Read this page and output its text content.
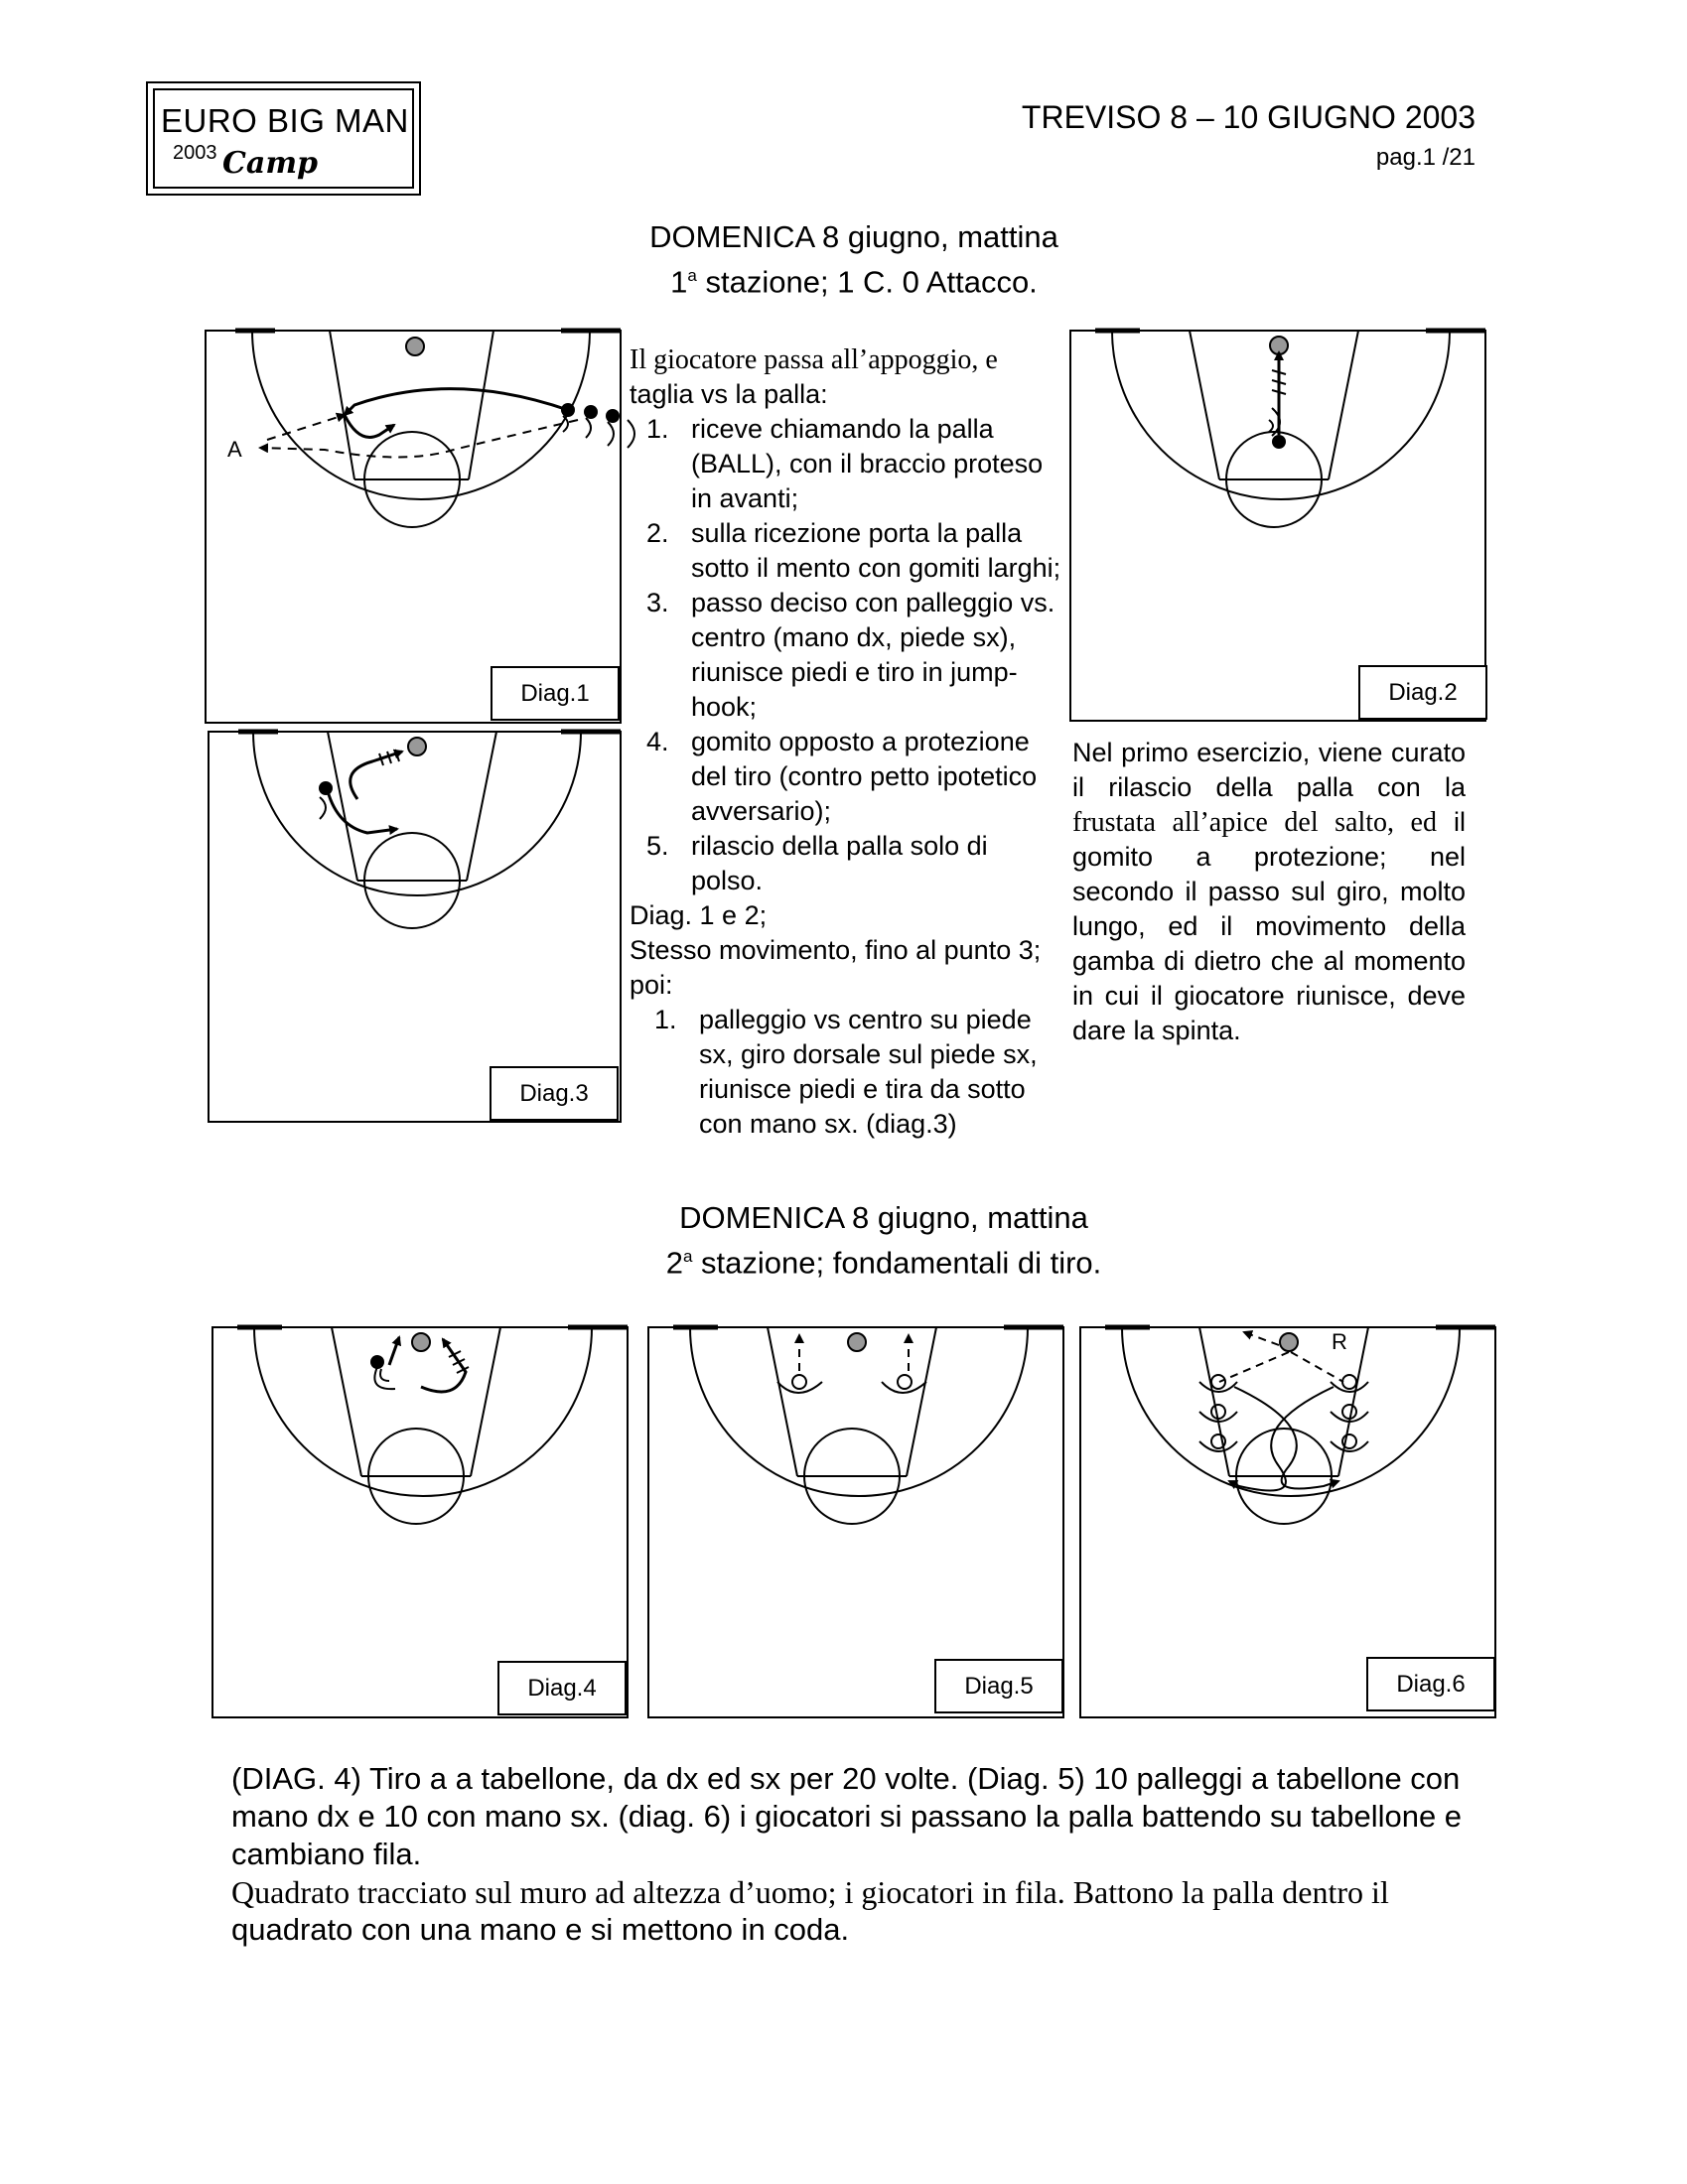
EURO BIG MAN
2003 Camp
TREVISO 8 – 10 GIUGNO 2003
pag.1 /21
DOMENICA 8 giugno, mattina
1$^a$ stazione; 1 C. 0 Attacco.
A
Diag.1
Diag.3
Diag.2
Il giocatore passa all’appoggio, e
taglia vs la palla:
1. riceve chiamando la palla (BALL), con il braccio proteso in avanti;
2. sulla ricezione porta la palla sotto il mento con gomiti larghi;
3. passo deciso con palleggio vs. centro (mano dx, piede sx), riunisce piedi e tiro in jump-hook;
4. gomito opposto a protezione del tiro (contro petto ipotetico avversario);
5. rilascio della palla solo di polso.
Diag. 1 e 2;
Stesso movimento, fino al punto 3;
poi:
1. palleggio vs centro su piede sx, giro dorsale sul piede sx, riunisce piedi e tira da sotto con mano sx. (diag.3)
Nel primo esercizio, viene curato il rilascio della palla con la frustata all’apice del salto, ed il gomito a protezione; nel secondo il passo sul giro, molto lungo, ed il movimento della gamba di dietro che al momento in cui il giocatore riunisce, deve dare la spinta.
DOMENICA 8 giugno, mattina
2$^a$ stazione; fondamentali di tiro.
Diag.4	Diag.5
R
Diag.6
(DIAG. 4) Tiro a a tabellone, da dx ed sx per 20 volte. (Diag. 5) 10 palleggi a tabellone con mano dx e 10 con mano sx. (diag. 6) i giocatori si passano la palla battendo su tabellone e cambiano fila.
Quadrato tracciato sul muro ad altezza d’uomo; i giocatori in fila. Battono la palla dentro il
quadrato con una mano e si mettono in coda.
